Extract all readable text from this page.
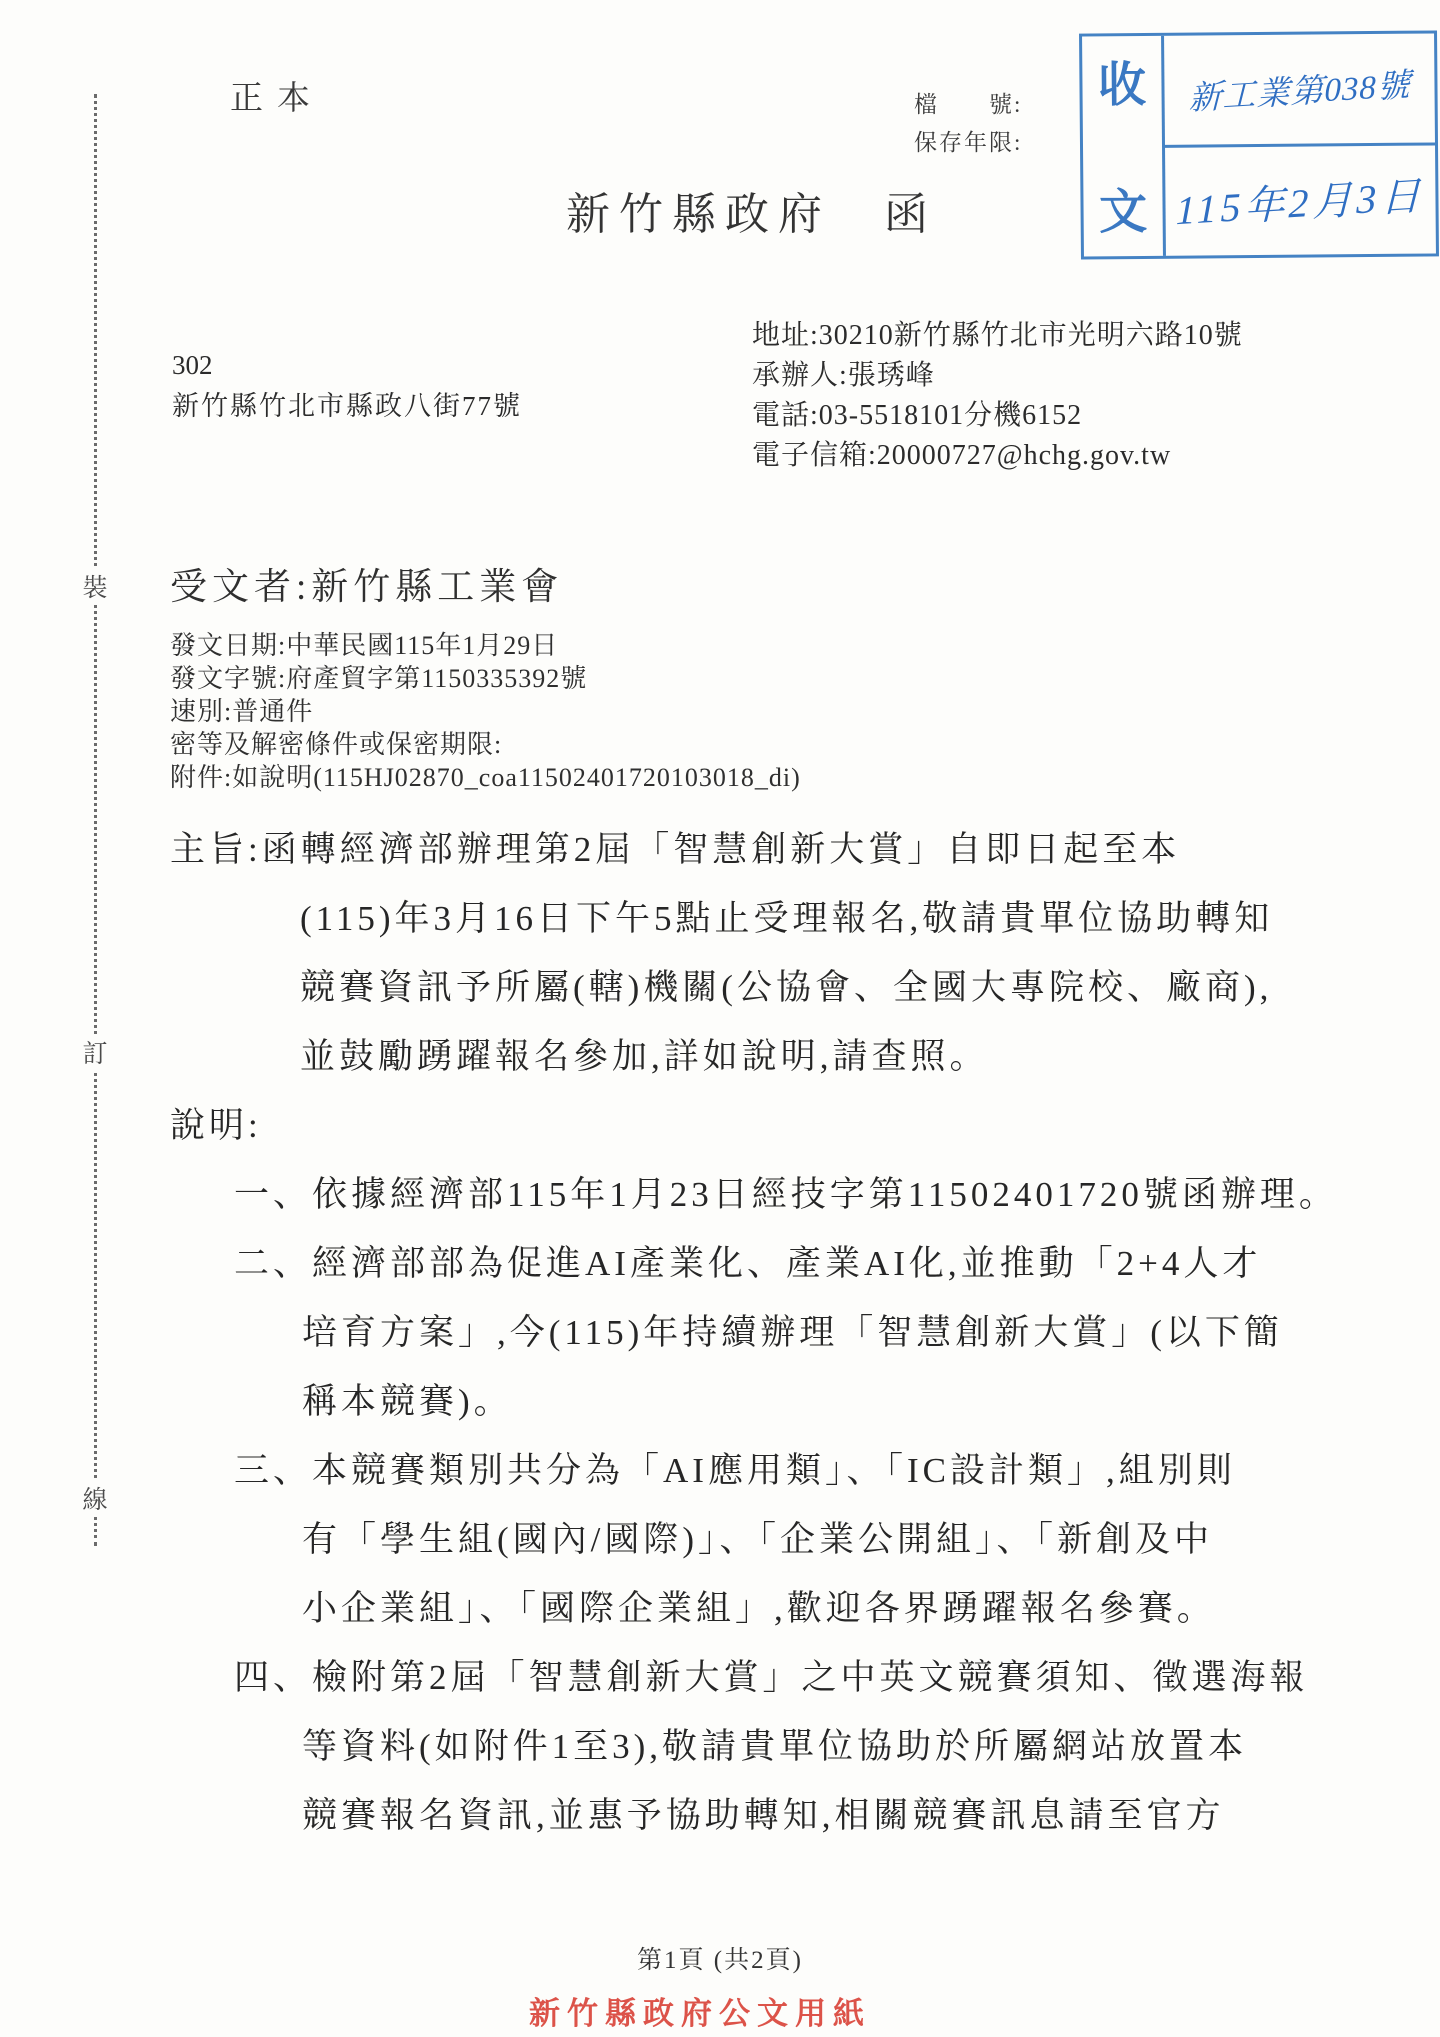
裝
訂
線
正本	檔　　號:
保存年限:
新竹縣政府　函
收
文
新工業第038號
115年2月3日
302
新竹縣竹北市縣政八街77號
地址:30210新竹縣竹北市光明六路10號
承辦人:張琇峰
電話:03-5518101分機6152
電子信箱:20000727@hchg.gov.tw
受文者:新竹縣工業會
發文日期:中華民國115年1月29日
發文字號:府產貿字第1150335392號
速別:普通件
密等及解密條件或保密期限:
附件:如說明(115HJ02870_coa11502401720103018_di)
主旨:函轉經濟部辦理第2屆「智慧創新大賞」自即日起至本
(115)年3月16日下午5點止受理報名,敬請貴單位協助轉知
競賽資訊予所屬(轄)機關(公協會、全國大專院校、廠商),
並鼓勵踴躍報名參加,詳如說明,請查照。
說明:
一、依據經濟部115年1月23日經技字第11502401720號函辦理。
二、經濟部部為促進AI產業化、產業AI化,並推動「2+4人才
培育方案」,今(115)年持續辦理「智慧創新大賞」(以下簡
稱本競賽)。
三、本競賽類別共分為「AI應用類」、「IC設計類」,組別則
有「學生組(國內/國際)」、「企業公開組」、「新創及中
小企業組」、「國際企業組」,歡迎各界踴躍報名參賽。
四、檢附第2屆「智慧創新大賞」之中英文競賽須知、徵選海報
等資料(如附件1至3),敬請貴單位協助於所屬網站放置本
競賽報名資訊,並惠予協助轉知,相關競賽訊息請至官方
第1頁 (共2頁)
新竹縣政府公文用紙
